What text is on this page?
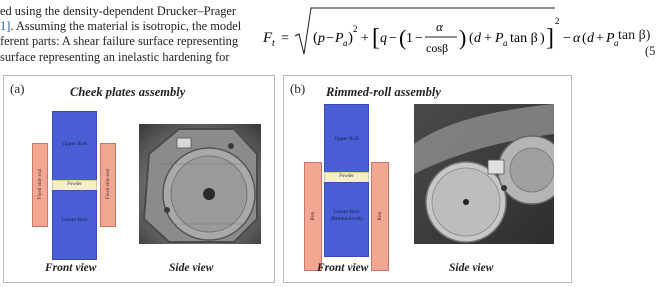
ed using the density-dependent Drucker–Prager
1]. Assuming the material is isotropic, the model
ferent parts: A shear failure surface representing
surface representing an inelastic hardening for
F t = ( p − P a )
2
+ [ q − ( 1 −
α
cosβ ) ( d + P a tan β ) ]
2
− α ( d + P a tan β)
(5
(a)	Cheek plates assembly
Fixed side seal
Upper Roll
Powder
Lower Roll
Fixed side seal
Front view	Side view
(b) Rimmed-roll assembly
Rim
Upper Roll
Powder
Lower Roll
(Rimmed-roll)	Rim
Front view	Side view
